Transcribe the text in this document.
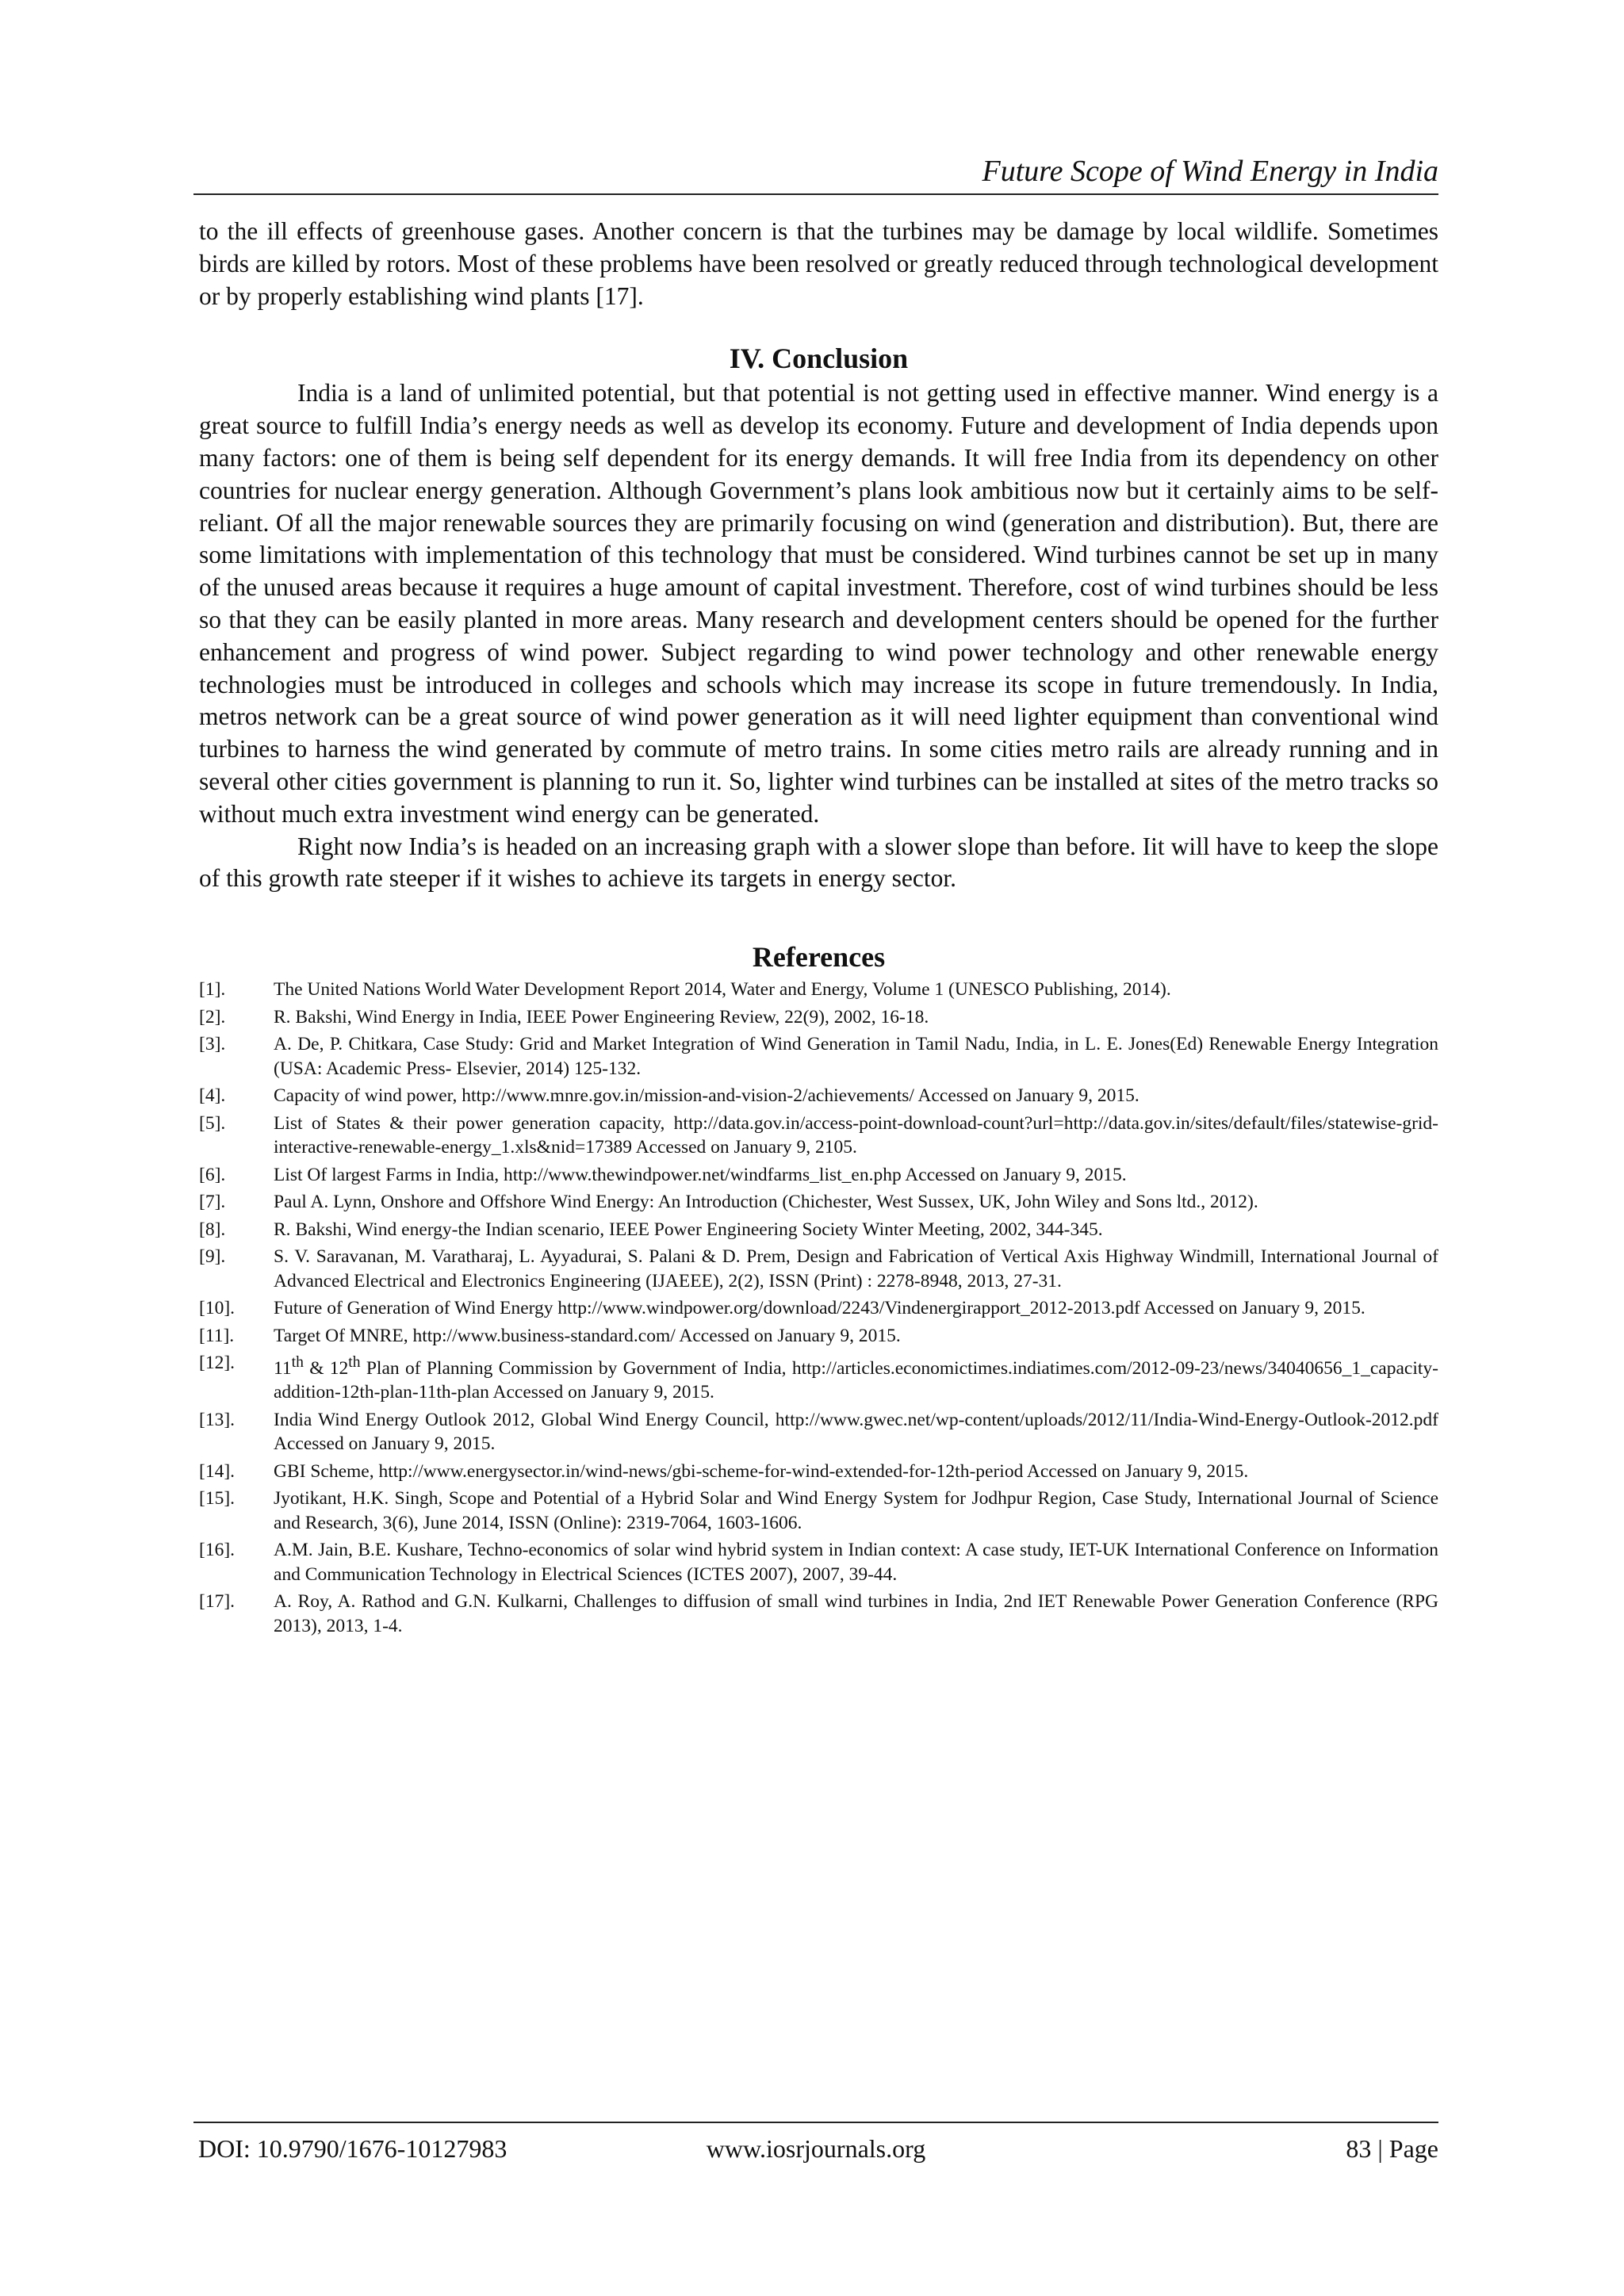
Future Scope of Wind Energy in India

to the ill effects of greenhouse gases. Another concern is that the turbines may be damage by local wildlife. Sometimes birds are killed by rotors. Most of these problems have been resolved or greatly reduced through technological development or by properly establishing wind plants [17].

IV. Conclusion

India is a land of unlimited potential, but that potential is not getting used in effective manner. Wind energy is a great source to fulfill India’s energy needs as well as develop its economy. Future and development of India depends upon many factors: one of them is being self dependent for its energy demands. It will free India from its dependency on other countries for nuclear energy generation. Although Government’s plans look ambitious now but it certainly aims to be self-reliant. Of all the major renewable sources they are primarily focusing on wind (generation and distribution). But, there are some limitations with implementation of this technology that must be considered. Wind turbines cannot be set up in many of the unused areas because it requires a huge amount of capital investment. Therefore, cost of wind turbines should be less so that they can be easily planted in more areas. Many research and development centers should be opened for the further enhancement and progress of wind power. Subject regarding to wind power technology and other renewable energy technologies must be introduced in colleges and schools which may increase its scope in future tremendously. In India, metros network can be a great source of wind power generation as it will need lighter equipment than conventional wind turbines to harness the wind generated by commute of metro trains. In some cities metro rails are already running and in several other cities government is planning to run it. So, lighter wind turbines can be installed at sites of the metro tracks so without much extra investment wind energy can be generated.

Right now India’s is headed on an increasing graph with a slower slope than before. Iit will have to keep the slope of this growth rate steeper if it wishes to achieve its targets in energy sector.

References
[1].	The United Nations World Water Development Report 2014, Water and Energy, Volume 1 (UNESCO Publishing, 2014).
[2].	R. Bakshi, Wind Energy in India, IEEE Power Engineering Review, 22(9), 2002, 16-18.
[3].	A. De, P. Chitkara, Case Study: Grid and Market Integration of Wind Generation in Tamil Nadu, India, in L. E. Jones(Ed) Renewable Energy Integration (USA: Academic Press- Elsevier, 2014) 125-132.
[4].	Capacity of wind power, http://www.mnre.gov.in/mission-and-vision-2/achievements/ Accessed on January 9, 2015.
[5].	List of States & their power generation capacity, http://data.gov.in/access-point-download-count?url=http://data.gov.in/sites/default/files/statewise-grid-interactive-renewable-energy_1.xls&nid=17389 Accessed on January 9, 2105.
[6].	List Of largest Farms in India, http://www.thewindpower.net/windfarms_list_en.php Accessed on January 9, 2015.
[7].	Paul A. Lynn, Onshore and Offshore Wind Energy: An Introduction (Chichester, West Sussex, UK, John Wiley and Sons ltd., 2012).
[8].	R. Bakshi, Wind energy-the Indian scenario, IEEE Power Engineering Society Winter Meeting, 2002, 344-345.
[9].	S. V. Saravanan, M. Varatharaj, L. Ayyadurai, S. Palani & D. Prem, Design and Fabrication of Vertical Axis Highway Windmill, International Journal of Advanced Electrical and Electronics Engineering (IJAEEE), 2(2), ISSN (Print) : 2278-8948, 2013, 27-31.
[10].	Future of Generation of Wind Energy http://www.windpower.org/download/2243/Vindenergirapport_2012-2013.pdf Accessed on January 9, 2015.
[11].	Target Of MNRE, http://www.business-standard.com/ Accessed on January 9, 2015.
[12].	11th & 12th Plan of Planning Commission by Government of India, http://articles.economictimes.indiatimes.com/2012-09-23/news/34040656_1_capacity-addition-12th-plan-11th-plan Accessed on January 9, 2015.
[13].	India Wind Energy Outlook 2012, Global Wind Energy Council, http://www.gwec.net/wp-content/uploads/2012/11/India-Wind-Energy-Outlook-2012.pdf Accessed on January 9, 2015.
[14].	GBI Scheme, http://www.energysector.in/wind-news/gbi-scheme-for-wind-extended-for-12th-period Accessed on January 9, 2015.
[15].	Jyotikant, H.K. Singh, Scope and Potential of a Hybrid Solar and Wind Energy System for Jodhpur Region, Case Study, International Journal of Science and Research, 3(6), June 2014, ISSN (Online): 2319-7064, 1603-1606.
[16].	A.M. Jain, B.E. Kushare, Techno-economics of solar wind hybrid system in Indian context: A case study, IET-UK International Conference on Information and Communication Technology in Electrical Sciences (ICTES 2007), 2007, 39-44.
[17].	A. Roy, A. Rathod and G.N. Kulkarni, Challenges to diffusion of small wind turbines in India, 2nd IET Renewable Power Generation Conference (RPG 2013), 2013, 1-4.
DOI: 10.9790/1676-10127983	www.iosrjournals.org	83 | Page
